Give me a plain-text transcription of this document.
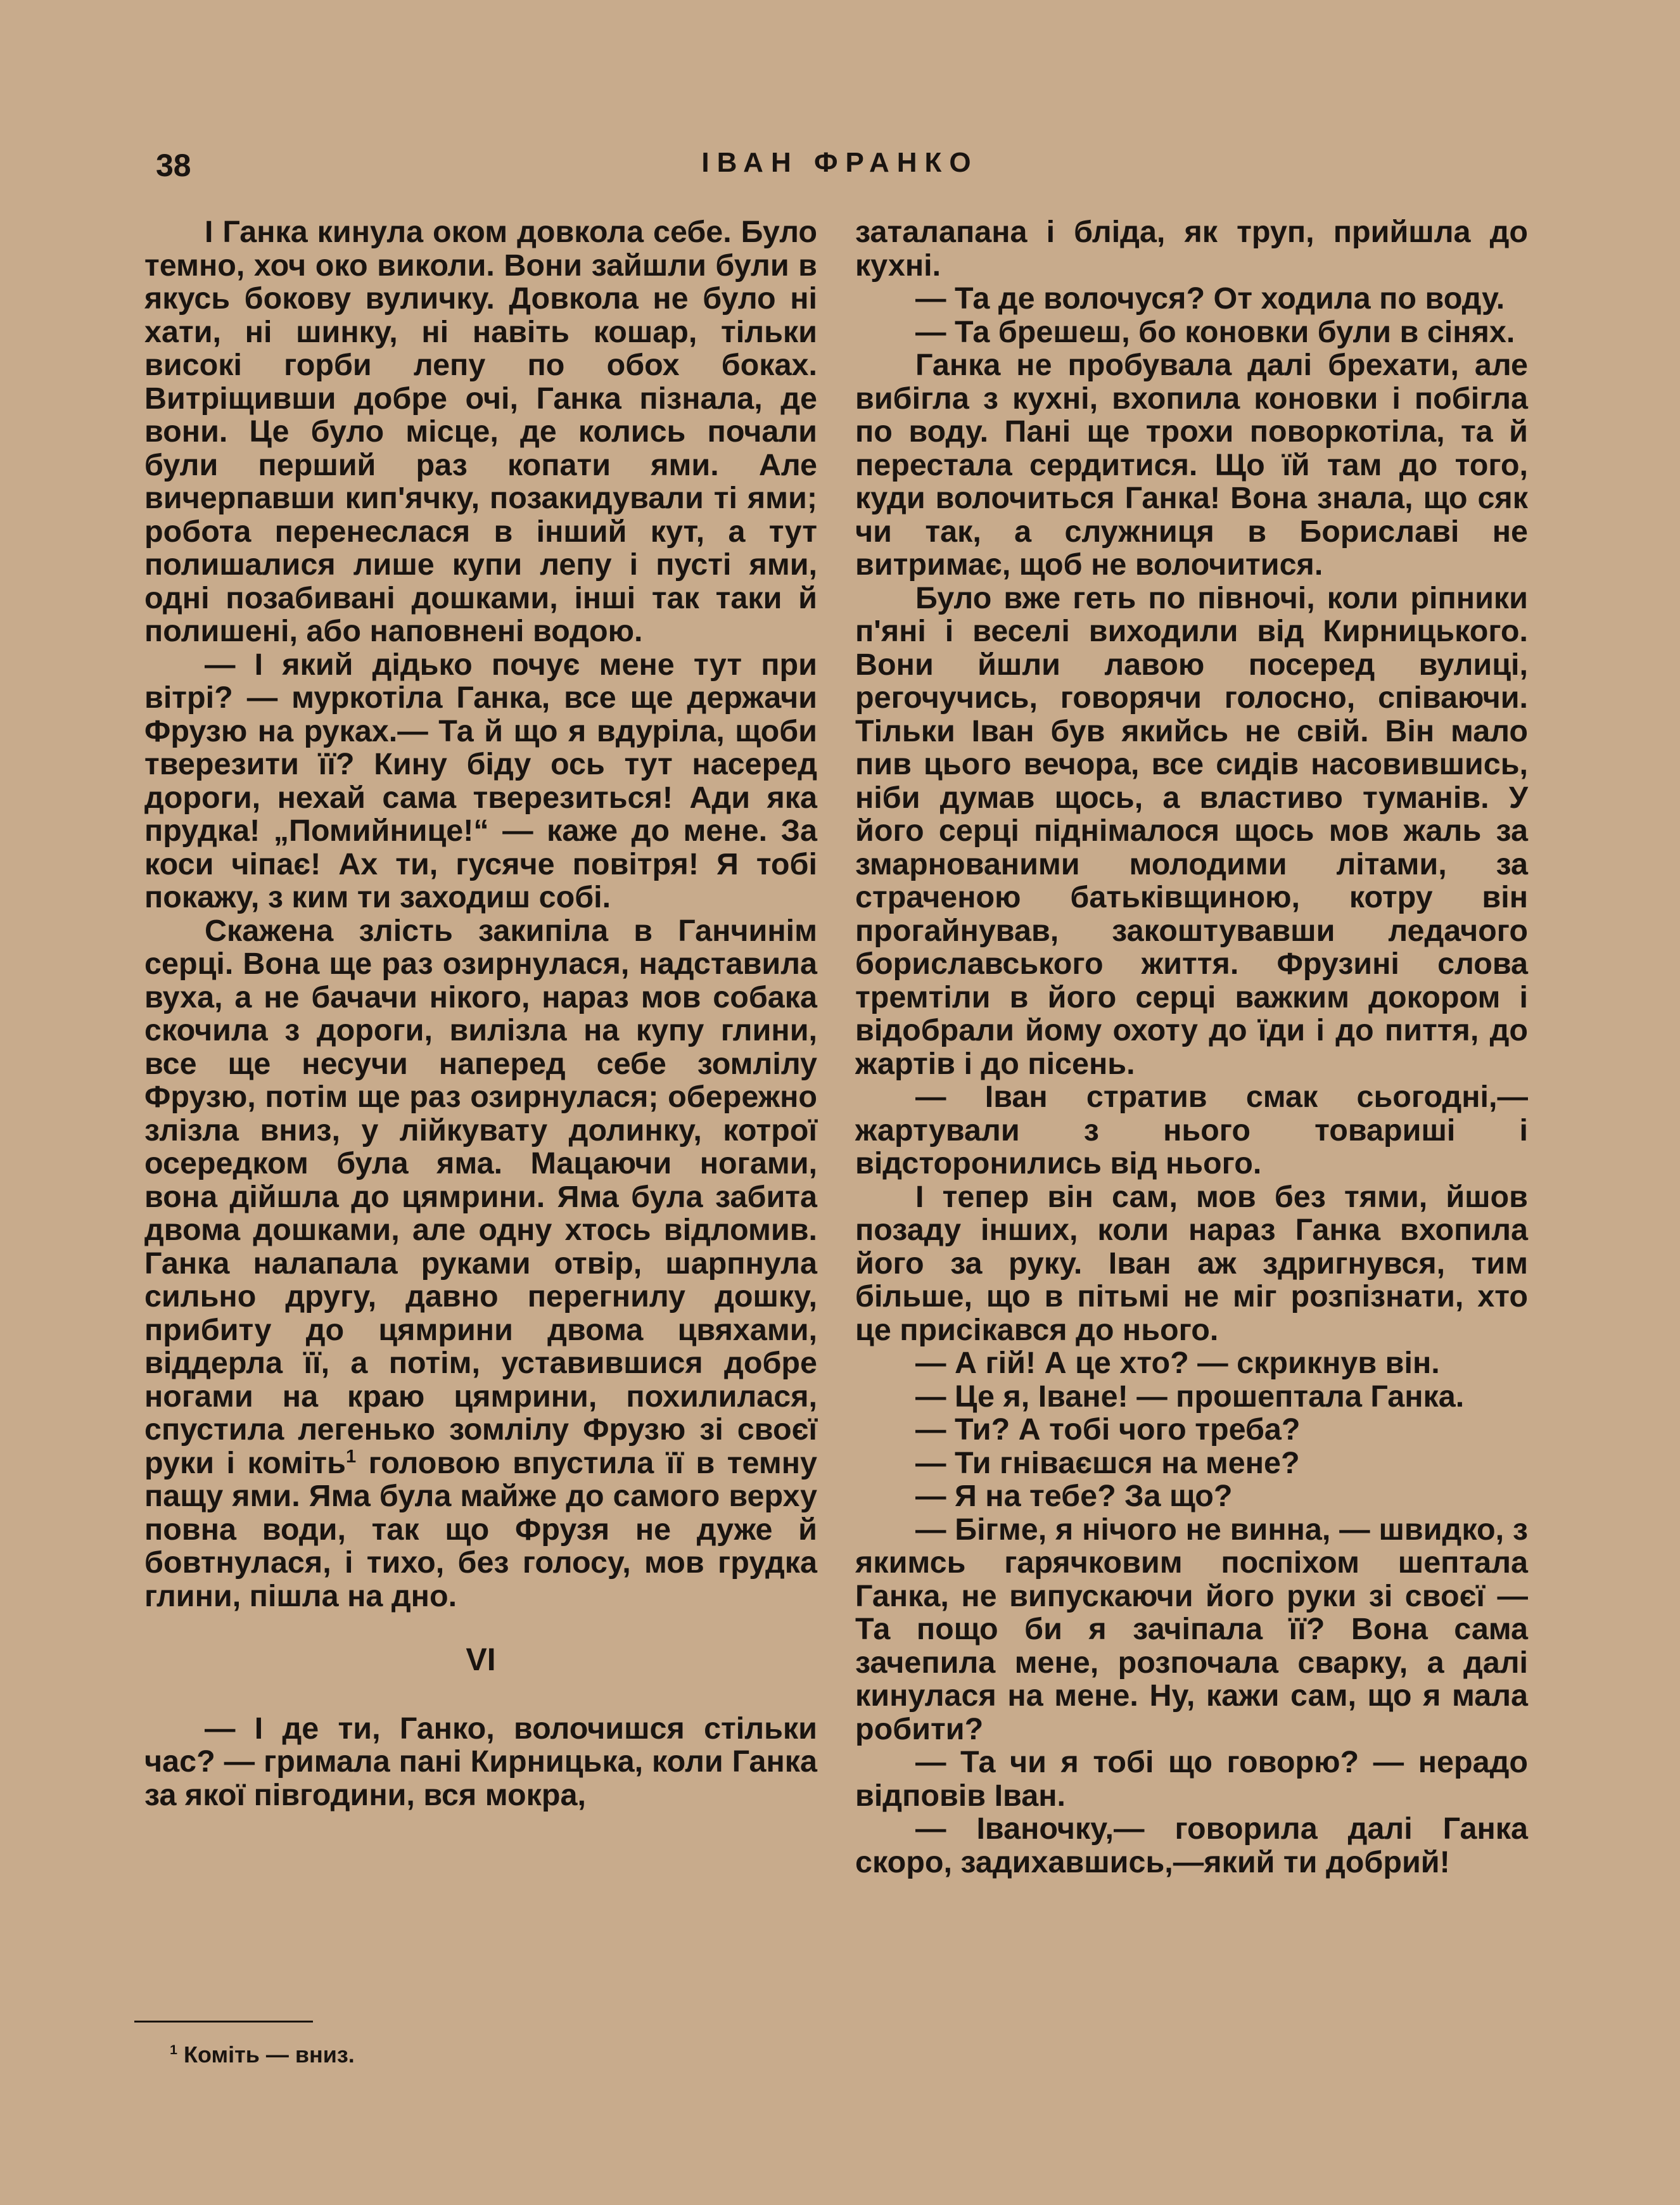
38	ІВАН ФРАНКО

І Ганка кинула оком довкола себе. Було темно, хоч око виколи. Вони зайшли були в якусь бокову вуличку. Довкола не було ні хати, ні шинку, ні навіть кошар, тільки високі горби лепу по обох боках. Витріщивши добре очі, Ганка пізнала, де вони. Це було місце, де колись почали були перший раз копати ями. Але вичерпавши кип'ячку, позакидували ті ями; робота перенеслася в інший кут, а тут полишалися лише купи лепу і пусті ями, одні позабивані дошками, інші так таки й полишені, або наповнені водою.

— І який дідько почує мене тут при вітрі? — муркотіла Ганка, все ще держачи Фрузю на руках.— Та й що я вдуріла, щоби тверезити її? Кину біду ось тут насеред дороги, нехай сама тверезиться! Ади яка прудка! „Помийнице!“ — каже до мене. За коси чіпає! Ах ти, гусяче повітря! Я тобі покажу, з ким ти заходиш собі.

Скажена злість закипіла в Ганчинім серці. Вона ще раз озирнулася, надставила вуха, а не бачачи нікого, нараз мов собака скочила з дороги, вилізла на купу глини, все ще несучи наперед себе зомлілу Фрузю, потім ще раз озирнулася; обережно злізла вниз, у лійкувату долинку, котрої осередком була яма. Мацаючи ногами, вона дійшла до цямрини. Яма була забита двома дошками, але одну хтось відломив. Ганка налапала руками отвір, шарпнула сильно другу, давно перегнилу дошку, прибиту до цямрини двома цвяхами, віддерла її, а потім, уставившися добре ногами на краю цямрини, похилилася, спустила легенько зомлілу Фрузю зі своєї руки і коміть$^1$ головою впустила її в темну пащу ями. Яма була майже до самого верху повна води, так що Фрузя не дуже й бовтнулася, і тихо, без голосу, мов грудка глини, пішла на дно.

VI

— І де ти, Ганко, волочишся стільки час? — гримала пані Кирницька, коли Ганка за якої півгодини, вся мокра,

заталапана і бліда, як труп, прийшла до кухні.

— Та де волочуся? От ходила по воду.

— Та брешеш, бо коновки були в сінях.

Ганка не пробувала далі брехати, але вибігла з кухні, вхопила коновки і побігла по воду. Пані ще трохи поворкотіла, та й перестала сердитися. Що їй там до того, куди волочиться Ганка! Вона знала, що сяк чи так, а служниця в Бориславі не витримає, щоб не волочитися.

Було вже геть по півночі, коли ріпники п'яні і веселі виходили від Кирницького. Вони йшли лавою посеред вулиці, регочучись, говорячи голосно, співаючи. Тільки Іван був якийсь не свій. Він мало пив цього вечора, все сидів насовившись, ніби думав щось, а властиво туманів. У його серці піднімалося щось мов жаль за змарнованими молодими літами, за страченою батьківщиною, котру він прогайнував, закоштувавши ледачого бориславського життя. Фрузині слова тремтіли в його серці важким докором і відобрали йому охоту до їди і до пиття, до жартів і до пісень.

— Іван стратив смак сьогодні,— жартували з нього товариші і відсторонились від нього.

І тепер він сам, мов без тями, йшов позаду інших, коли нараз Ганка вхопила його за руку. Іван аж здригнувся, тим більше, що в пітьмі не міг розпізнати, хто це присікався до нього.

— А гій! А це хто? — скрикнув він.

— Це я, Іване! — прошептала Ганка.

— Ти? А тобі чого треба?

— Ти гніваєшся на мене?

— Я на тебе? За що?

— Бігме, я нічого не винна, — швидко, з якимсь гарячковим поспіхом шептала Ганка, не випускаючи його руки зі своєї — Та пощо би я зачіпала її? Вона сама зачепила мене, розпочала сварку, а далі кинулася на мене. Ну, кажи сам, що я мала робити?

— Та чи я тобі що говорю? — нерадо відповів Іван.

— Іваночку,— говорила далі Ганка скоро, задихавшись,—який ти добрий!

$^1$ Коміть — вниз.
